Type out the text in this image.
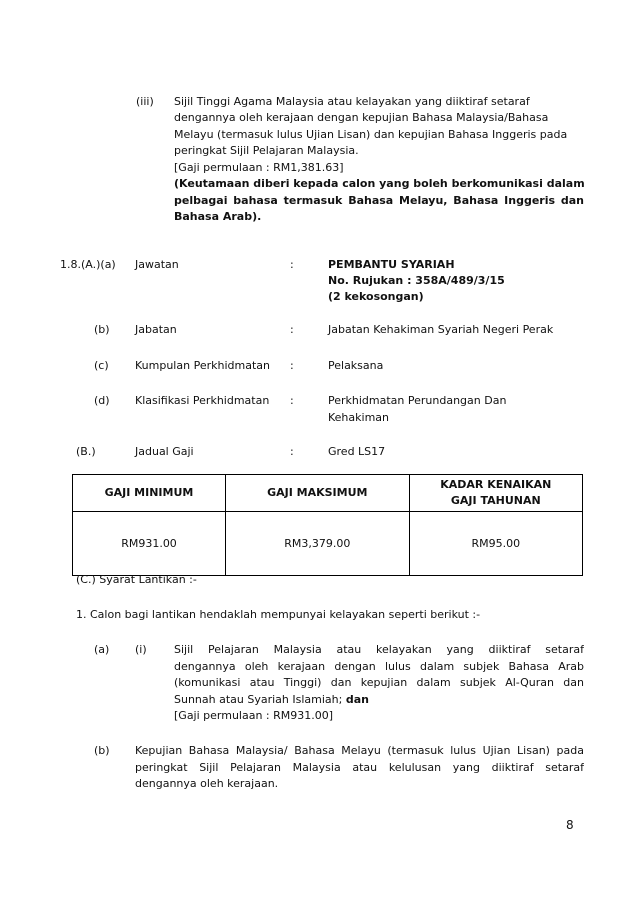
(iii) Sijil Tinggi Agama Malaysia atau kelayakan yang diiktiraf setaraf
dengannya oleh kerajaan dengan kepujian Bahasa Malaysia/Bahasa
Melayu (termasuk lulus Ujian Lisan) dan kepujian Bahasa Inggeris pada
peringkat Sijil Pelajaran Malaysia.
[Gaji permulaan : RM1,381.63]
(Keutamaan diberi kepada calon yang boleh berkomunikasi dalam
pelbagai bahasa termasuk Bahasa Melayu, Bahasa Inggeris dan
Bahasa Arab).
1.8.(A.)(a) Jawatan	:	PEMBANTU SYARIAH
No. Rujukan : 358A/489/3/15
(2 kekosongan)
(b) Jabatan	:	Jabatan Kehakiman Syariah Negeri Perak
(c) Kumpulan Perkhidmatan :	Pelaksana
(d) Klasifikasi Perkhidmatan :	Perkhidmatan Perundangan Dan
Kehakiman
(B.)	Jadual Gaji	:	Gred LS17
GAJI MINIMUM	GAJI MAKSIMUM	KADAR KENAIKAN GAJI TAHUNAN
RM931.00	RM3,379.00	RM95.00
(C.) Syarat Lantikan :-
1. Calon bagi lantikan hendaklah mempunyai kelayakan seperti berikut :-
(a) (i) Sijil Pelajaran Malaysia atau kelayakan yang diiktiraf setaraf
dengannya oleh kerajaan dengan lulus dalam subjek Bahasa Arab
(komunikasi atau Tinggi) dan kepujian dalam subjek Al-Quran dan
Sunnah atau Syariah Islamiah; dan
[Gaji permulaan : RM931.00]
(b) Kepujian Bahasa Malaysia/ Bahasa Melayu (termasuk lulus Ujian Lisan) pada
peringkat Sijil Pelajaran Malaysia atau kelulusan yang diiktiraf setaraf
dengannya oleh kerajaan.
8
